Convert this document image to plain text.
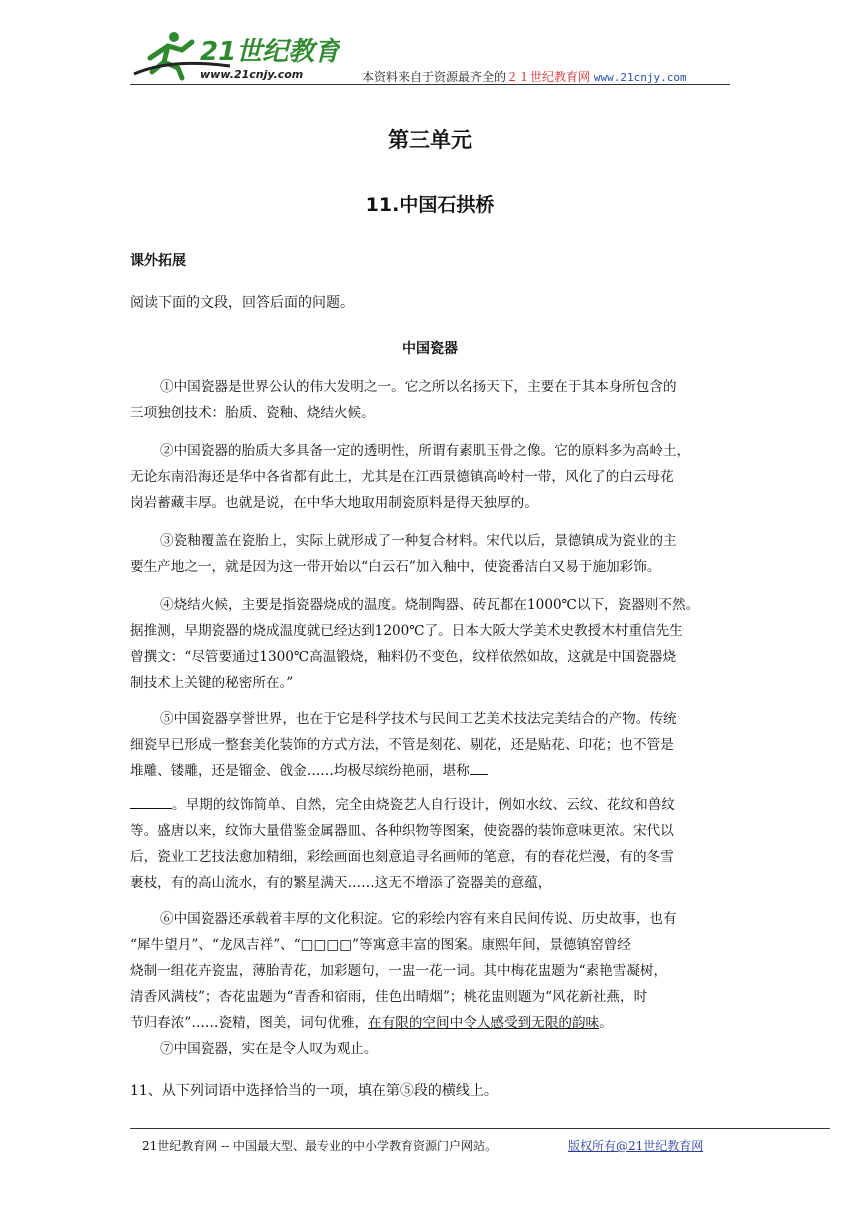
21世纪教育
www.21cnjy.com	本资料来自于资源最齐全的２１世纪教育网 www.21cnjy.com
第三单元
11.中国石拱桥
课外拓展
阅读下面的文段，回答后面的问题。
中国瓷器

①中国瓷器是世界公认的伟大发明之一。它之所以名扬天下，主要在于其本身所包含的

三项独创技术：胎质、瓷釉、烧结火候。

②中国瓷器的胎质大多具备一定的透明性，所谓有素肌玉骨之像。它的原料多为高岭土，

无论东南沿海还是华中各省都有此土，尤其是在江西景德镇高岭村一带，风化了的白云母花

岗岩蓄藏丰厚。也就是说，在中华大地取用制瓷原料是得天独厚的。

③瓷釉覆盖在瓷胎上，实际上就形成了一种复合材料。宋代以后，景德镇成为瓷业的主

要生产地之一，就是因为这一带开始以“白云石”加入釉中，使瓷番洁白又易于施加彩饰。

④烧结火候，主要是指瓷器烧成的温度。烧制陶器、砖瓦都在1000℃以下，瓷器则不然。

据推测，早期瓷器的烧成温度就已经达到1200℃了。日本大阪大学美术史教授木村重信先生

曾撰文：“尽管要通过1300℃高温锻烧，釉料仍不变色，纹样依然如故，这就是中国瓷器烧

制技术上关键的秘密所在。”

⑤中国瓷器享誉世界，也在于它是科学技术与民间工艺美术技法完美结合的产物。传统

细瓷早已形成一整套美化装饰的方式方法，不管是刻花、剔花，还是贴花、印花；也不管是

堆雕、镂雕，还是镏金、戗金……均极尽缤纷艳丽，堪称

。早期的纹饰简单、自然，完全由烧瓷艺人自行设计，例如水纹、云纹、花纹和兽纹

等。盛唐以来，纹饰大量借鉴金属器皿、各种织物等图案，使瓷器的装饰意味更浓。宋代以

后，瓷业工艺技法愈加精细，彩绘画面也刻意追寻名画师的笔意，有的春花烂漫，有的冬雪

裹枝，有的高山流水，有的繁星满天……这无不增添了瓷器美的意蕴，

⑥中国瓷器还承载着丰厚的文化积淀。它的彩绘内容有来自民间传说、历史故事，也有

“犀牛望月”、“龙凤吉祥”、“□□□□”等寓意丰富的图案。康熙年间，景德镇窑曾经

烧制一组花卉瓷盅，薄胎青花，加彩题句，一盅一花一词。其中梅花盅题为“素艳雪凝树，

清香风满枝”；杏花盅题为“青香和宿雨，佳色出晴烟”；桃花盅则题为“风花新社燕，时

节归春浓”……瓷精，图美，词句优雅，在有限的空间中令人感受到无限的韵味。

⑦中国瓷器，实在是令人叹为观止。

11、从下列词语中选择恰当的一项，填在第⑤段的横线上。
21世纪教育网 -- 中国最大型、最专业的中小学教育资源门户网站。	版权所有@21世纪教育网
